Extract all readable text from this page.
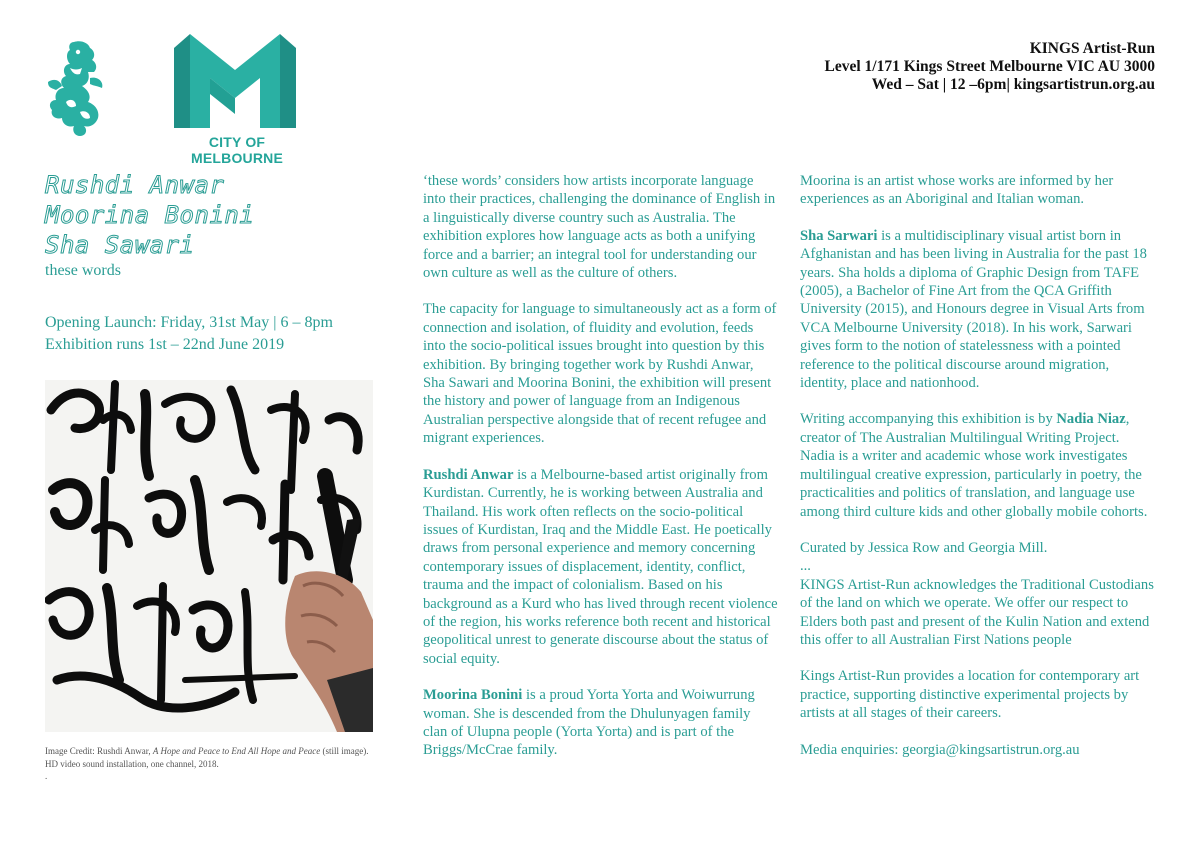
CITY OF MELBOURNE
KINGS Artist-Run
Level 1/171 Kings Street Melbourne VIC AU 3000
Wed – Sat | 12 –6pm| kingsartistrun.org.au
Rushdi Anwar
Moorina Bonini
Sha Sawari
these words
Opening Launch: Friday, 31st May | 6 – 8pm
Exhibition runs 1st – 22nd June 2019
Image Credit: Rushdi Anwar, A Hope and Peace to End All Hope and Peace (still image). HD video sound installation, one channel, 2018.
.

‘these words’ considers how artists incorporate language into their practices, challenging the dominance of English in a linguistically diverse country such as Australia. The exhibition explores how language acts as both a unifying force and a barrier; an integral tool for understanding our own culture as well as the culture of others.

The capacity for language to simultaneously act as a form of connection and isolation, of fluidity and evolution, feeds into the socio-political issues brought into question by this exhibition. By bringing together work by Rushdi Anwar, Sha Sawari and Moorina Bonini, the exhibition will present the history and power of language from an Indigenous Australian perspective alongside that of recent refugee and migrant experiences.

Rushdi Anwar is a Melbourne-based artist originally from Kurdistan. Currently, he is working between Australia and Thailand. His work often reflects on the socio-political issues of Kurdistan, Iraq and the Middle East. He poetically draws from personal experience and memory concerning contemporary issues of displacement, identity, conflict, trauma and the impact of colonialism. Based on his background as a Kurd who has lived through recent violence of the region, his works reference both recent and historical geopolitical unrest to generate discourse about the status of social equity.

Moorina Bonini is a proud Yorta Yorta and Woiwurrung woman. She is descended from the Dhulunyagen family clan of Ulupna people (Yorta Yorta) and is part of the Briggs/McCrae family.

Moorina is an artist whose works are informed by her experiences as an Aboriginal and Italian woman.

Sha Sarwari is a multidisciplinary visual artist born in Afghanistan and has been living in Australia for the past 18 years. Sha holds a diploma of Graphic Design from TAFE (2005), a Bachelor of Fine Art from the QCA Griffith University (2015), and Honours degree in Visual Arts from VCA Melbourne University (2018). In his work, Sarwari gives form to the notion of statelessness with a pointed reference to the political discourse around migration, identity, place and nationhood.

Writing accompanying this exhibition is by Nadia Niaz, creator of The Australian Multilingual Writing Project. Nadia is a writer and academic whose work investigates multilingual creative expression, particularly in poetry, the practicalities and politics of translation, and language use among third culture kids and other globally mobile cohorts.

Curated by Jessica Row and Georgia Mill.

...

KINGS Artist-Run acknowledges the Traditional Custodians of the land on which we operate. We offer our respect to Elders both past and present of the Kulin Nation and extend this offer to all Australian First Nations people

Kings Artist-Run provides a location for contemporary art practice, supporting distinctive experimental projects by artists at all stages of their careers.

Media enquiries: georgia@kingsartistrun.org.au
